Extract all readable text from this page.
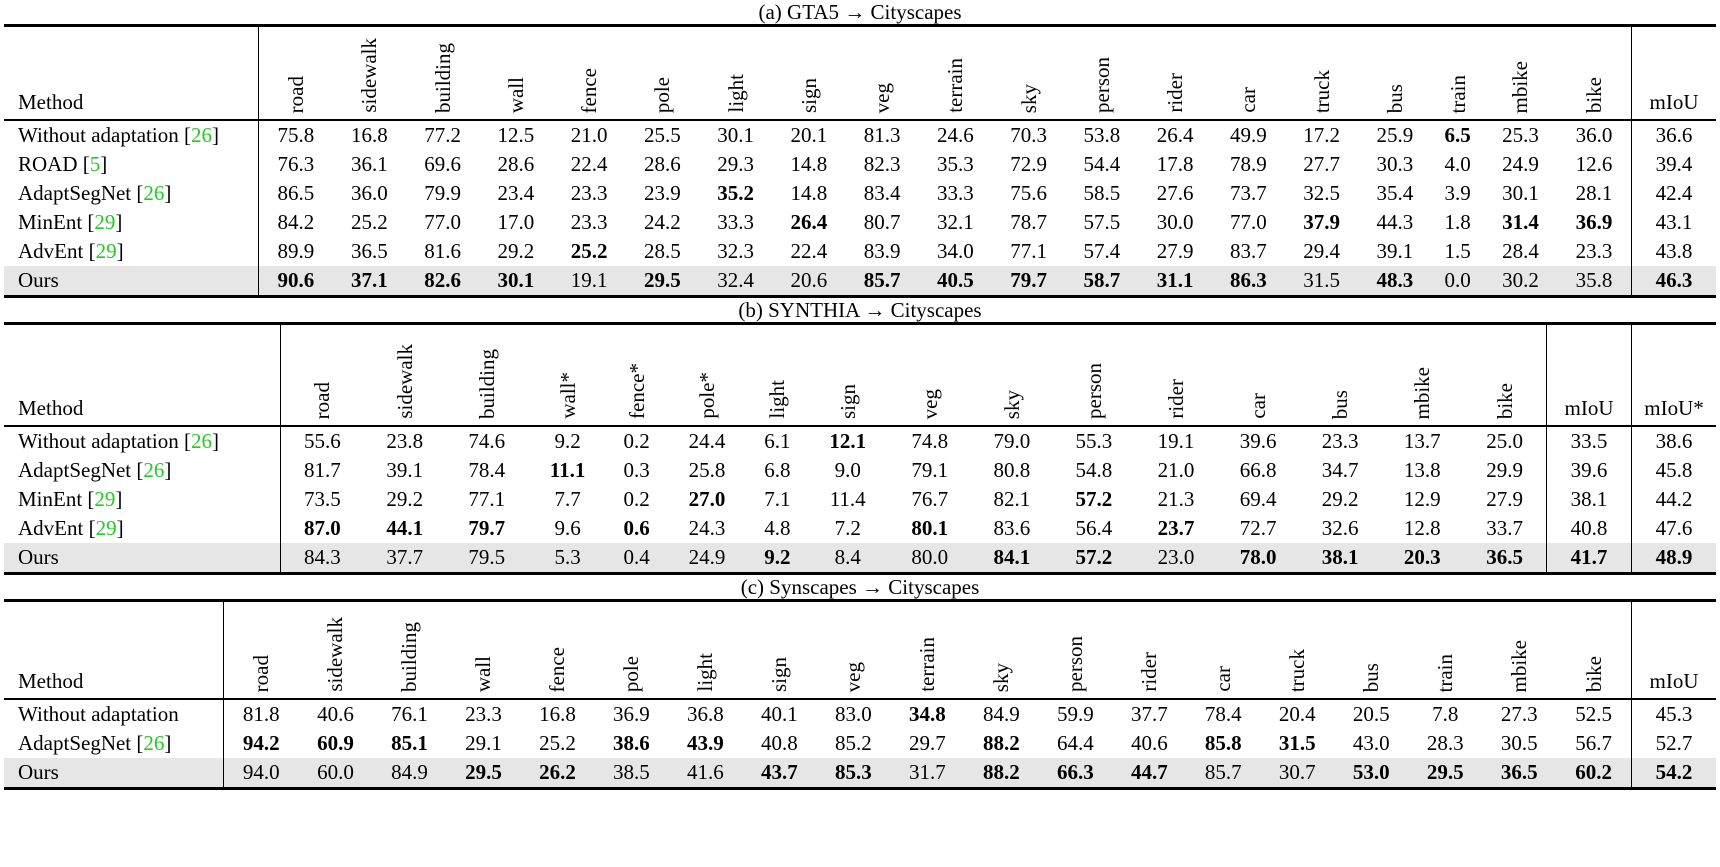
(a) GTA5 → Cityscapes
Method	road	sidewalk	building	wall	fence	pole	light	sign	veg	terrain	sky	person	rider	car	truck	bus	train	mbike	bike	mIoU
Without adaptation [26]	75.8	16.8	77.2	12.5	21.0	25.5	30.1	20.1	81.3	24.6	70.3	53.8	26.4	49.9	17.2	25.9	6.5	25.3	36.0	36.6
ROAD [5]	76.3	36.1	69.6	28.6	22.4	28.6	29.3	14.8	82.3	35.3	72.9	54.4	17.8	78.9	27.7	30.3	4.0	24.9	12.6	39.4
AdaptSegNet [26]	86.5	36.0	79.9	23.4	23.3	23.9	35.2	14.8	83.4	33.3	75.6	58.5	27.6	73.7	32.5	35.4	3.9	30.1	28.1	42.4
MinEnt [29]	84.2	25.2	77.0	17.0	23.3	24.2	33.3	26.4	80.7	32.1	78.7	57.5	30.0	77.0	37.9	44.3	1.8	31.4	36.9	43.1
AdvEnt [29]	89.9	36.5	81.6	29.2	25.2	28.5	32.3	22.4	83.9	34.0	77.1	57.4	27.9	83.7	29.4	39.1	1.5	28.4	23.3	43.8
Ours	90.6	37.1	82.6	30.1	19.1	29.5	32.4	20.6	85.7	40.5	79.7	58.7	31.1	86.3	31.5	48.3	0.0	30.2	35.8	46.3
(b) SYNTHIA → Cityscapes
Method	road	sidewalk	building	wall*	fence*	pole*	light	sign	veg	sky	person	rider	car	bus	mbike	bike	mIoU	mIoU*
Without adaptation [26]	55.6	23.8	74.6	9.2	0.2	24.4	6.1	12.1	74.8	79.0	55.3	19.1	39.6	23.3	13.7	25.0	33.5	38.6
AdaptSegNet [26]	81.7	39.1	78.4	11.1	0.3	25.8	6.8	9.0	79.1	80.8	54.8	21.0	66.8	34.7	13.8	29.9	39.6	45.8
MinEnt [29]	73.5	29.2	77.1	7.7	0.2	27.0	7.1	11.4	76.7	82.1	57.2	21.3	69.4	29.2	12.9	27.9	38.1	44.2
AdvEnt [29]	87.0	44.1	79.7	9.6	0.6	24.3	4.8	7.2	80.1	83.6	56.4	23.7	72.7	32.6	12.8	33.7	40.8	47.6
Ours	84.3	37.7	79.5	5.3	0.4	24.9	9.2	8.4	80.0	84.1	57.2	23.0	78.0	38.1	20.3	36.5	41.7	48.9
(c) Synscapes → Cityscapes
Method	road	sidewalk	building	wall	fence	pole	light	sign	veg	terrain	sky	person	rider	car	truck	bus	train	mbike	bike	mIoU
Without adaptation	81.8	40.6	76.1	23.3	16.8	36.9	36.8	40.1	83.0	34.8	84.9	59.9	37.7	78.4	20.4	20.5	7.8	27.3	52.5	45.3
AdaptSegNet [26]	94.2	60.9	85.1	29.1	25.2	38.6	43.9	40.8	85.2	29.7	88.2	64.4	40.6	85.8	31.5	43.0	28.3	30.5	56.7	52.7
Ours	94.0	60.0	84.9	29.5	26.2	38.5	41.6	43.7	85.3	31.7	88.2	66.3	44.7	85.7	30.7	53.0	29.5	36.5	60.2	54.2
